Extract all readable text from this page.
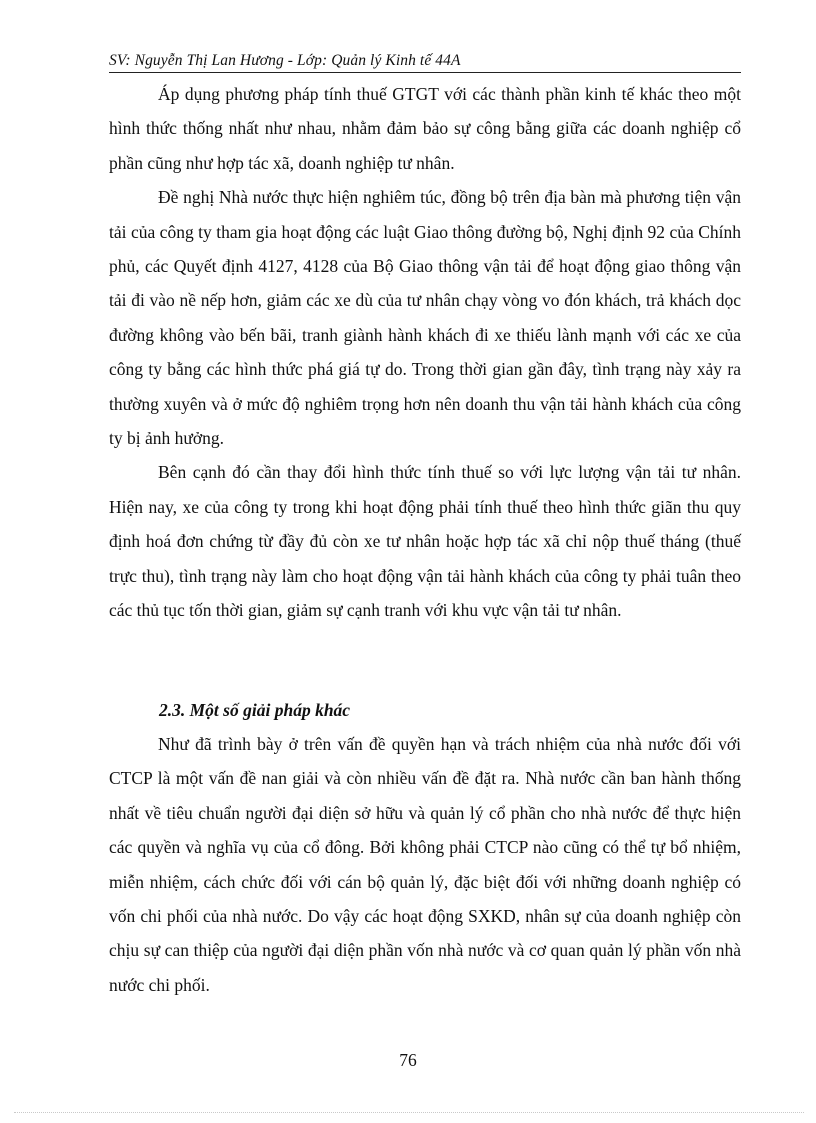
SV: Nguyễn Thị Lan Hương - Lớp: Quản lý Kinh tế 44A

Áp dụng phương pháp tính thuế GTGT với các thành phần kinh tế khác theo một hình thức thống nhất như nhau, nhằm đảm bảo sự công bằng giữa các doanh nghiệp cổ phần cũng như hợp tác xã, doanh nghiệp tư nhân.

Đề nghị Nhà nước thực hiện nghiêm túc, đồng bộ trên địa bàn mà phương tiện vận tải của công ty tham gia hoạt động các luật Giao thông đường bộ, Nghị định 92 của Chính phủ, các Quyết định 4127, 4128 của Bộ Giao thông vận tải để hoạt động giao thông vận tải đi vào nề nếp hơn, giảm các xe dù của tư nhân chạy vòng vo đón khách, trả khách dọc đường không vào bến bãi, tranh giành hành khách đi xe thiếu lành mạnh với các xe của công ty bằng các hình thức phá giá tự do. Trong thời gian gần đây, tình trạng này xảy ra thường xuyên và ở mức độ nghiêm trọng hơn nên doanh thu vận tải hành khách của công ty bị ảnh hưởng.

Bên cạnh đó cần thay đổi hình thức tính thuế so với lực lượng vận tải tư nhân. Hiện nay, xe của công ty trong khi hoạt động phải tính thuế theo hình thức giãn thu quy định hoá đơn chứng từ đầy đủ còn xe tư nhân hoặc hợp tác xã chỉ nộp thuế tháng (thuế trực thu), tình trạng này làm cho hoạt động vận tải hành khách của công ty phải tuân theo các thủ tục tốn thời gian, giảm sự cạnh tranh với khu vực vận tải tư nhân.

2.3. Một số giải pháp khác

Như đã trình bày ở trên vấn đề quyền hạn và trách nhiệm của nhà nước đối với CTCP là một vấn đề nan giải và còn nhiều vấn đề đặt ra. Nhà nước cần ban hành thống nhất về tiêu chuẩn người đại diện sở hữu và quản lý cổ phần cho nhà nước để thực hiện các quyền và nghĩa vụ của cổ đông. Bởi không phải CTCP nào cũng có thể tự bổ nhiệm, miễn nhiệm, cách chức đối với cán bộ quản lý, đặc biệt đối với những doanh nghiệp có vốn chi phối của nhà nước. Do vậy các hoạt động SXKD, nhân sự của doanh nghiệp còn chịu sự can thiệp của người đại diện phần vốn nhà nước và cơ quan quản lý phần vốn nhà nước chi phối.

76
